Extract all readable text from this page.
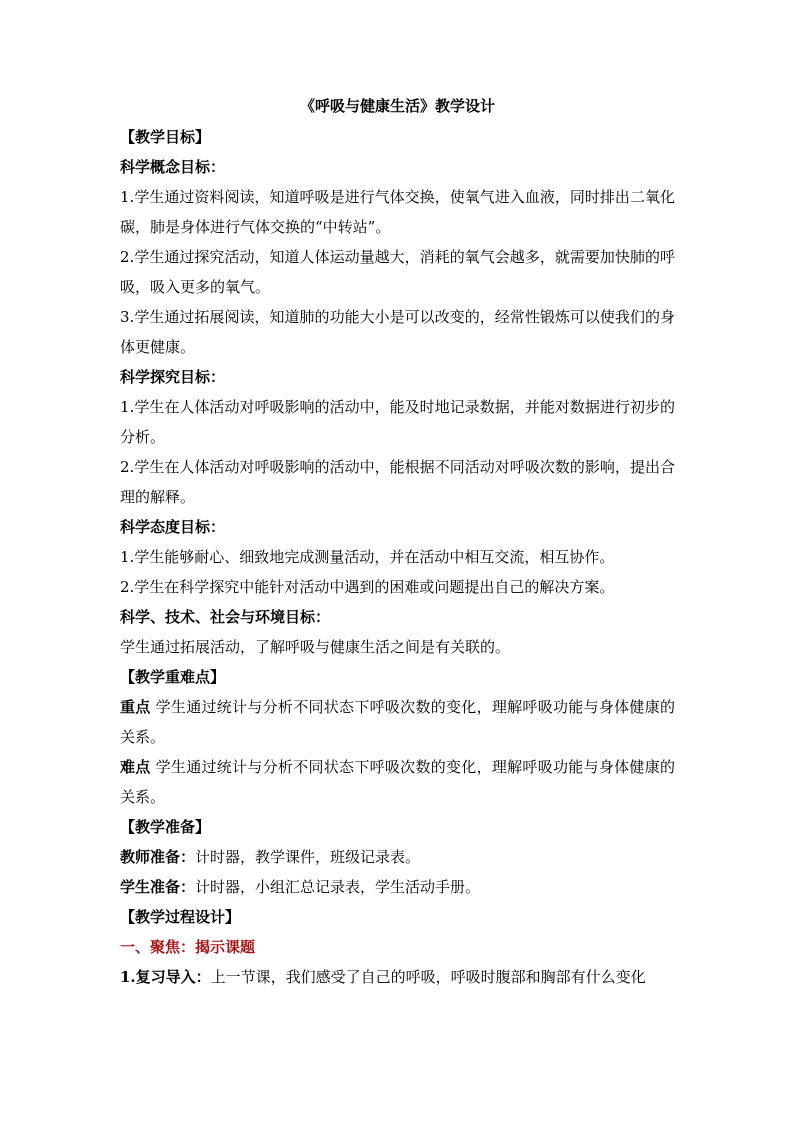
《呼吸与健康生活》教学设计

【教学目标】

科学概念目标：

1.学生通过资料阅读，知道呼吸是进行气体交换，使氧气进入血液，同时排出二氧化碳，肺是身体进行气体交换的“中转站”。

2.学生通过探究活动，知道人体运动量越大，消耗的氧气会越多，就需要加快肺的呼吸，吸入更多的氧气。

3.学生通过拓展阅读，知道肺的功能大小是可以改变的，经常性锻炼可以使我们的身体更健康。

科学探究目标：

1.学生在人体活动对呼吸影响的活动中，能及时地记录数据，并能对数据进行初步的分析。

2.学生在人体活动对呼吸影响的活动中，能根据不同活动对呼吸次数的影响，提出合理的解释。

科学态度目标：

1.学生能够耐心、细致地完成测量活动，并在活动中相互交流，相互协作。

2.学生在科学探究中能针对活动中遇到的困难或问题提出自己的解决方案。

科学、技术、社会与环境目标：

学生通过拓展活动，了解呼吸与健康生活之间是有关联的。

【教学重难点】

重点 学生通过统计与分析不同状态下呼吸次数的变化，理解呼吸功能与身体健康的关系。

难点 学生通过统计与分析不同状态下呼吸次数的变化，理解呼吸功能与身体健康的关系。

【教学准备】

教师准备：计时器，教学课件，班级记录表。

学生准备：计时器，小组汇总记录表，学生活动手册。

【教学过程设计】

一、聚焦：揭示课题

1.复习导入：上一节课，我们感受了自己的呼吸，呼吸时腹部和胸部有什么变化
